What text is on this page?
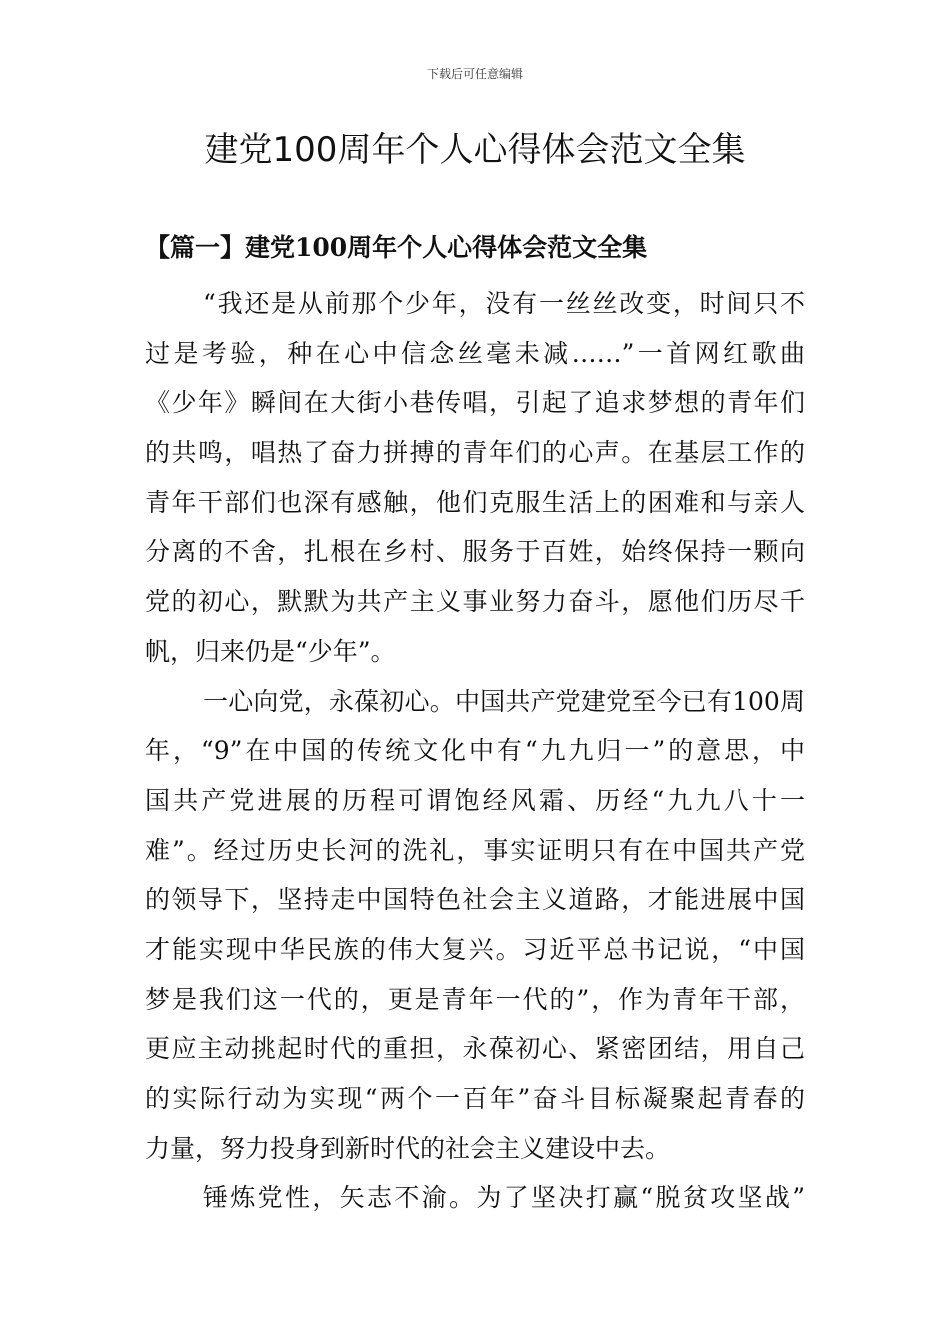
下载后可任意编辑
建党100周年个人心得体会范文全集
【篇一】建党100周年个人心得体会范文全集
“我还是从前那个少年，没有一丝丝改变，时间只不
过是考验，种在心中信念丝毫未减……”一首网红歌曲
《少年》瞬间在大街小巷传唱，引起了追求梦想的青年们
的共鸣，唱热了奋力拼搏的青年们的心声。在基层工作的
青年干部们也深有感触，他们克服生活上的困难和与亲人
分离的不舍，扎根在乡村、服务于百姓，始终保持一颗向
党的初心，默默为共产主义事业努力奋斗，愿他们历尽千
帆，归来仍是“少年”。
一心向党，永葆初心。中国共产党建党至今已有100周
年，“9”在中国的传统文化中有“九九归一”的意思，中
国共产党进展的历程可谓饱经风霜、历经“九九八十一
难”。经过历史长河的洗礼，事实证明只有在中国共产党
的领导下，坚持走中国特色社会主义道路，才能进展中国
才能实现中华民族的伟大复兴。习近平总书记说，“中国
梦是我们这一代的，更是青年一代的”，作为青年干部，
更应主动挑起时代的重担，永葆初心、紧密团结，用自己
的实际行动为实现“两个一百年”奋斗目标凝聚起青春的
力量，努力投身到新时代的社会主义建设中去。
锤炼党性，矢志不渝。为了坚决打赢“脱贫攻坚战”
